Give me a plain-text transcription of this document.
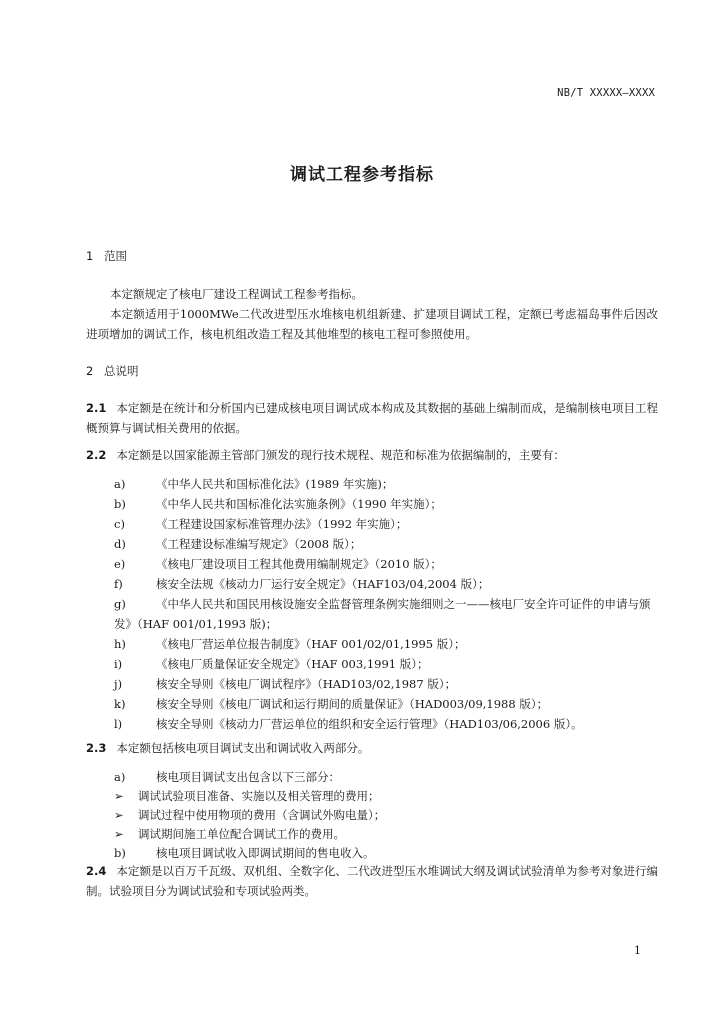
NB/T XXXXX—XXXX
调试工程参考指标
1 范围
本定额规定了核电厂建设工程调试工程参考指标。
本定额适用于1000MWe二代改进型压水堆核电机组新建、扩建项目调试工程，定额已考虑福岛事件后因改进项增加的调试工作，核电机组改造工程及其他堆型的核电工程可参照使用。
2 总说明
2.1 本定额是在统计和分析国内已建成核电项目调试成本构成及其数据的基础上编制而成，是编制核电项目工程概预算与调试相关费用的依据。
2.2 本定额是以国家能源主管部门颁发的现行技术规程、规范和标准为依据编制的，主要有：
a)	《中华人民共和国标准化法》(1989 年实施)；
b)	《中华人民共和国标准化法实施条例》（1990 年实施）；
c)	《工程建设国家标准管理办法》（1992 年实施）；
d)	《工程建设标准编写规定》（2008 版）；
e)	《核电厂建设项目工程其他费用编制规定》（2010 版）；
f)	核安全法规《核动力厂运行安全规定》（HAF103/04,2004 版）；
g)	《中华人民共和国民用核设施安全监督管理条例实施细则之一——核电厂安全许可证件的申请与颁发》（HAF 001/01,1993 版)；
h)	《核电厂营运单位报告制度》（HAF 001/02/01,1995 版）；
i)	《核电厂质量保证安全规定》（HAF 003,1991 版）；
j)	核安全导则《核电厂调试程序》（HAD103/02,1987 版）；
k)	核安全导则《核电厂调试和运行期间的质量保证》（HAD003/09,1988 版）；
l)	核安全导则《核动力厂营运单位的组织和安全运行管理》（HAD103/06,2006 版）。
2.3 本定额包括核电项目调试支出和调试收入两部分。
a)	核电项目调试支出包含以下三部分：
➢ 调试试验项目准备、实施以及相关管理的费用；
➢ 调试过程中使用物项的费用（含调试外购电量）；
➢ 调试期间施工单位配合调试工作的费用。
b)	核电项目调试收入即调试期间的售电收入。
2.4 本定额是以百万千瓦级、双机组、全数字化、二代改进型压水堆调试大纲及调试试验清单为参考对象进行编制。试验项目分为调试试验和专项试验两类。
1
